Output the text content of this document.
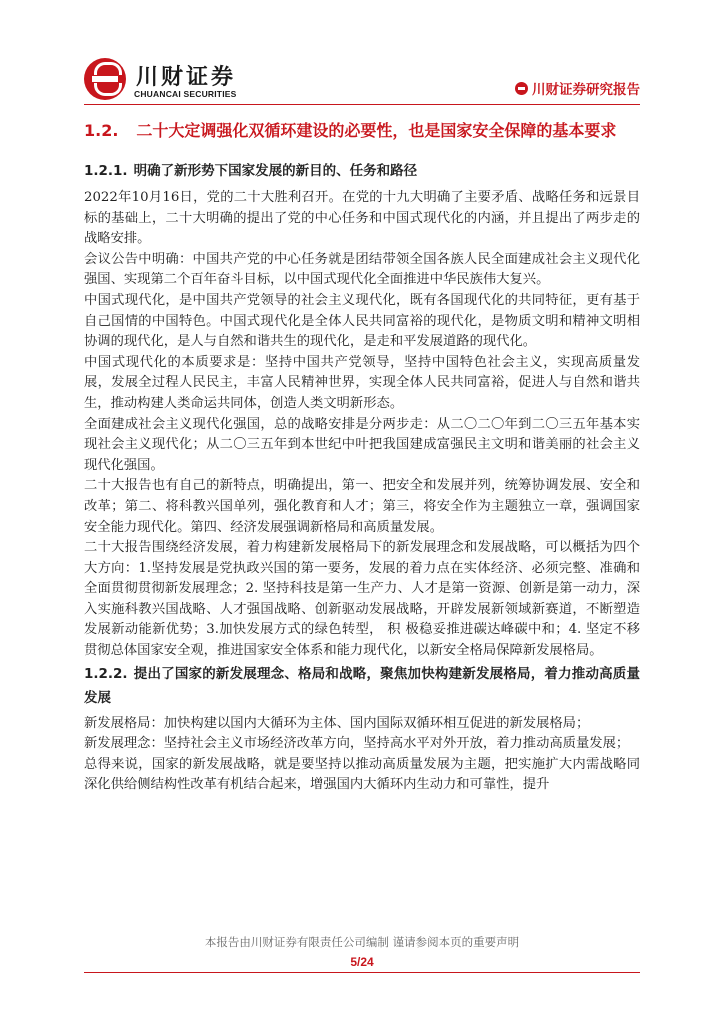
川财证券
CHUANCAI SECURITIES	川财证券研究报告
1.2. 二十大定调强化双循环建设的必要性，也是国家安全保障的基本要求
1.2.1. 明确了新形势下国家发展的新目的、任务和路径

2022年10月16日，党的二十大胜利召开。在党的十九大明确了主要矛盾、战略任务和远景目标的基础上，二十大明确的提出了党的中心任务和中国式现代化的内涵，并且提出了两步走的战略安排。

会议公告中明确：中国共产党的中心任务就是团结带领全国各族人民全面建成社会主义现代化强国、实现第二个百年奋斗目标，以中国式现代化全面推进中华民族伟大复兴。

中国式现代化，是中国共产党领导的社会主义现代化，既有各国现代化的共同特征，更有基于自己国情的中国特色。中国式现代化是全体人民共同富裕的现代化，是物质文明和精神文明相协调的现代化，是人与自然和谐共生的现代化，是走和平发展道路的现代化。

中国式现代化的本质要求是：坚持中国共产党领导，坚持中国特色社会主义，实现高质量发展，发展全过程人民民主，丰富人民精神世界，实现全体人民共同富裕，促进人与自然和谐共生，推动构建人类命运共同体，创造人类文明新形态。

全面建成社会主义现代化强国，总的战略安排是分两步走：从二〇二〇年到二〇三五年基本实现社会主义现代化；从二〇三五年到本世纪中叶把我国建成富强民主文明和谐美丽的社会主义现代化强国。

二十大报告也有自己的新特点，明确提出，第一、把安全和发展并列，统筹协调发展、安全和改革；第二、将科教兴国单列，强化教育和人才；第三，将安全作为主题独立一章，强调国家安全能力现代化。第四、经济发展强调新格局和高质量发展。

二十大报告围绕经济发展，着力构建新发展格局下的新发展理念和发展战略，可以概括为四个大方向：1.坚持发展是党执政兴国的第一要务，发展的着力点在实体经济、必须完整、准确和全面贯彻贯彻新发展理念；2. 坚持科技是第一生产力、人才是第一资源、创新是第一动力，深入实施科教兴国战略、人才强国战略、创新驱动发展战略，开辟发展新领域新赛道，不断塑造发展新动能新优势；3.加快发展方式的绿色转型， 积 极稳妥推进碳达峰碳中和；4. 坚定不移贯彻总体国家安全观，推进国家安全体系和能力现代化，以新安全格局保障新发展格局。

1.2.2. 提出了国家的新发展理念、格局和战略，聚焦加快构建新发展格局，着力推动高质量发展

新发展格局：加快构建以国内大循环为主体、国内国际双循环相互促进的新发展格局；

新发展理念：坚持社会主义市场经济改革方向，坚持高水平对外开放，着力推动高质量发展；

总得来说，国家的新发展战略，就是要坚持以推动高质量发展为主题，把实施扩大内需战略同深化供给侧结构性改革有机结合起来，增强国内大循环内生动力和可靠性，提升

本报告由川财证券有限责任公司编制 谨请参阅本页的重要声明
5/24
